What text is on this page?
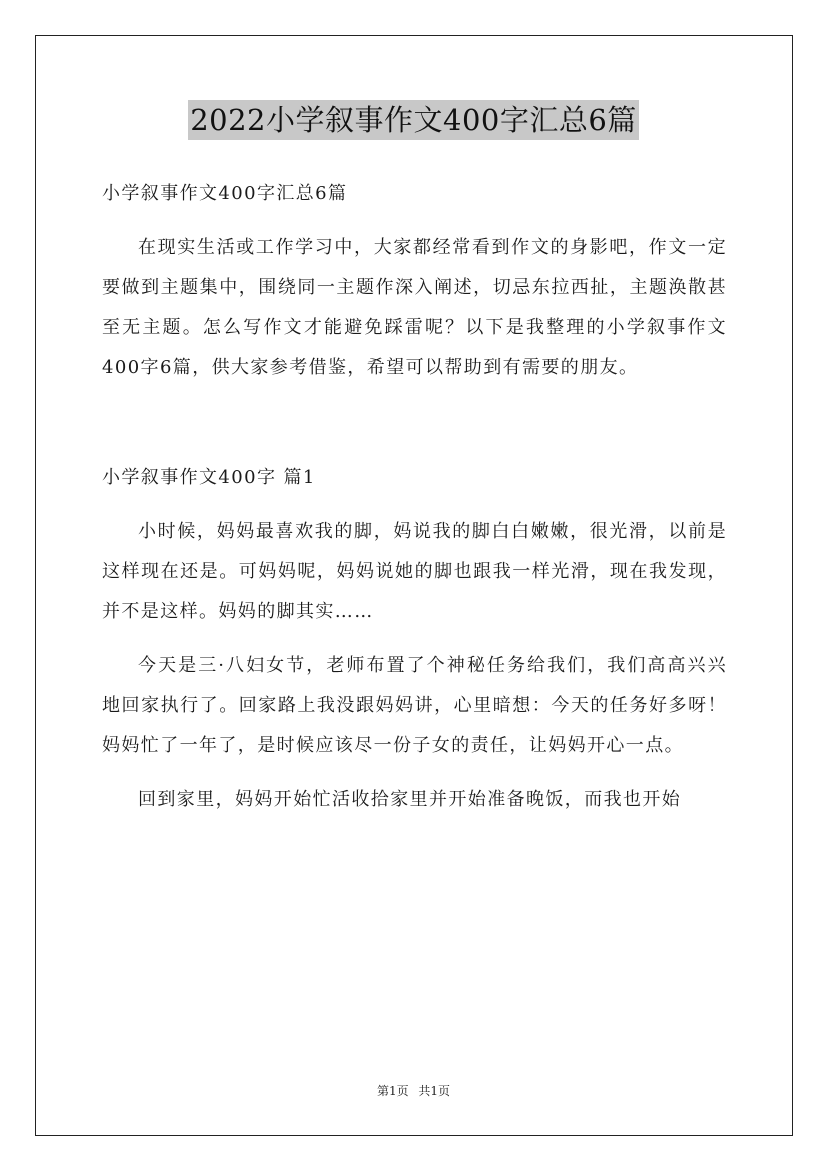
2022小学叙事作文400字汇总6篇

小学叙事作文400字汇总6篇

在现实生活或工作学习中，大家都经常看到作文的身影吧，作文一定要做到主题集中，围绕同一主题作深入阐述，切忌东拉西扯，主题涣散甚至无主题。怎么写作文才能避免踩雷呢？以下是我整理的小学叙事作文400字6篇，供大家参考借鉴，希望可以帮助到有需要的朋友。

小学叙事作文400字 篇1

小时候，妈妈最喜欢我的脚，妈说我的脚白白嫩嫩，很光滑，以前是这样现在还是。可妈妈呢，妈妈说她的脚也跟我一样光滑，现在我发现，并不是这样。妈妈的脚其实……

今天是三·八妇女节，老师布置了个神秘任务给我们，我们高高兴兴地回家执行了。回家路上我没跟妈妈讲，心里暗想：今天的任务好多呀！妈妈忙了一年了，是时候应该尽一份子女的责任，让妈妈开心一点。

回到家里，妈妈开始忙活收拾家里并开始准备晚饭，而我也开始

第1页 共1页
